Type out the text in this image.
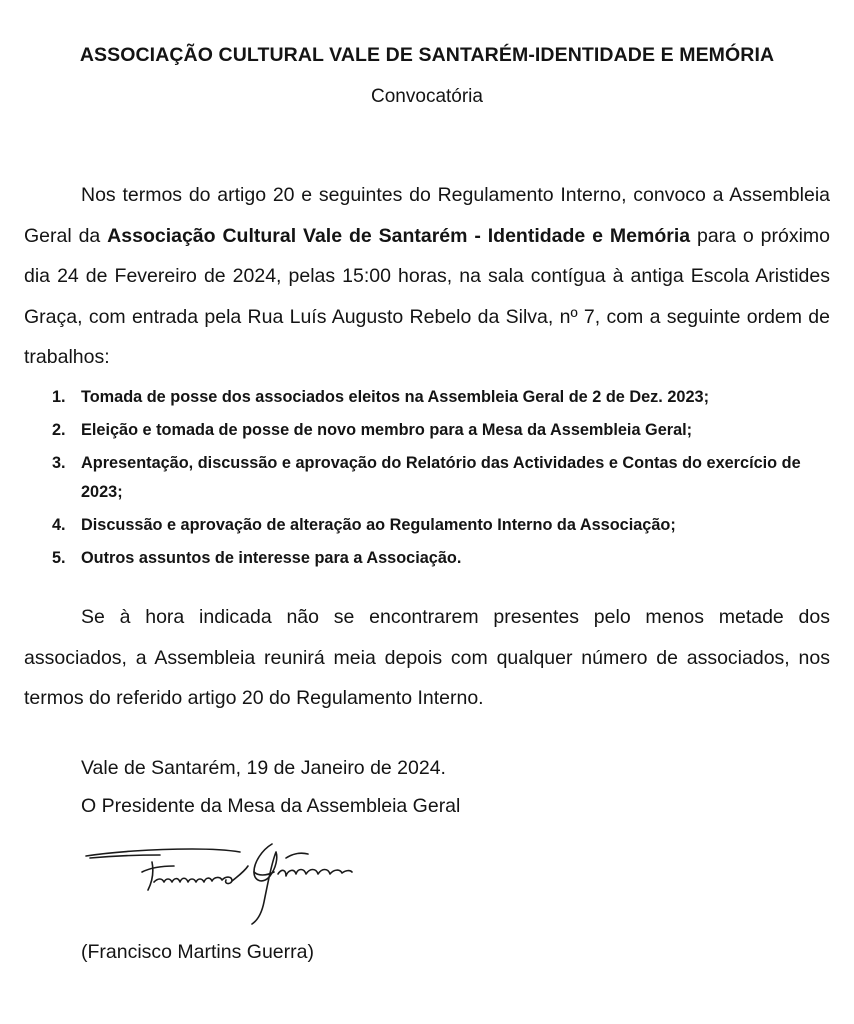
ASSOCIAÇÃO CULTURAL VALE DE SANTARÉM-IDENTIDADE E MEMÓRIA
Convocatória

Nos termos do artigo 20 e seguintes do Regulamento Interno, convoco a Assembleia Geral da Associação Cultural Vale de Santarém - Identidade e Memória para o próximo dia 24 de Fevereiro de 2024, pelas 15:00 horas, na sala contígua à antiga Escola Aristides Graça, com entrada pela Rua Luís Augusto Rebelo da Silva, nº 7, com a seguinte ordem de trabalhos:

1. Tomada de posse dos associados eleitos na Assembleia Geral de 2 de Dez. 2023;
2. Eleição e tomada de posse de novo membro para a Mesa da Assembleia Geral;
3. Apresentação, discussão e aprovação do Relatório das Actividades e Contas do exercício de 2023;
4. Discussão e aprovação de alteração ao Regulamento Interno da Associação;
5. Outros assuntos de interesse para a Associação.

Se à hora indicada não se encontrarem presentes pelo menos metade dos associados, a Assembleia reunirá meia depois com qualquer número de associados, nos termos do referido artigo 20 do Regulamento Interno.

Vale de Santarém, 19 de Janeiro de 2024.
O Presidente da Mesa da Assembleia Geral
(Francisco Martins Guerra)
